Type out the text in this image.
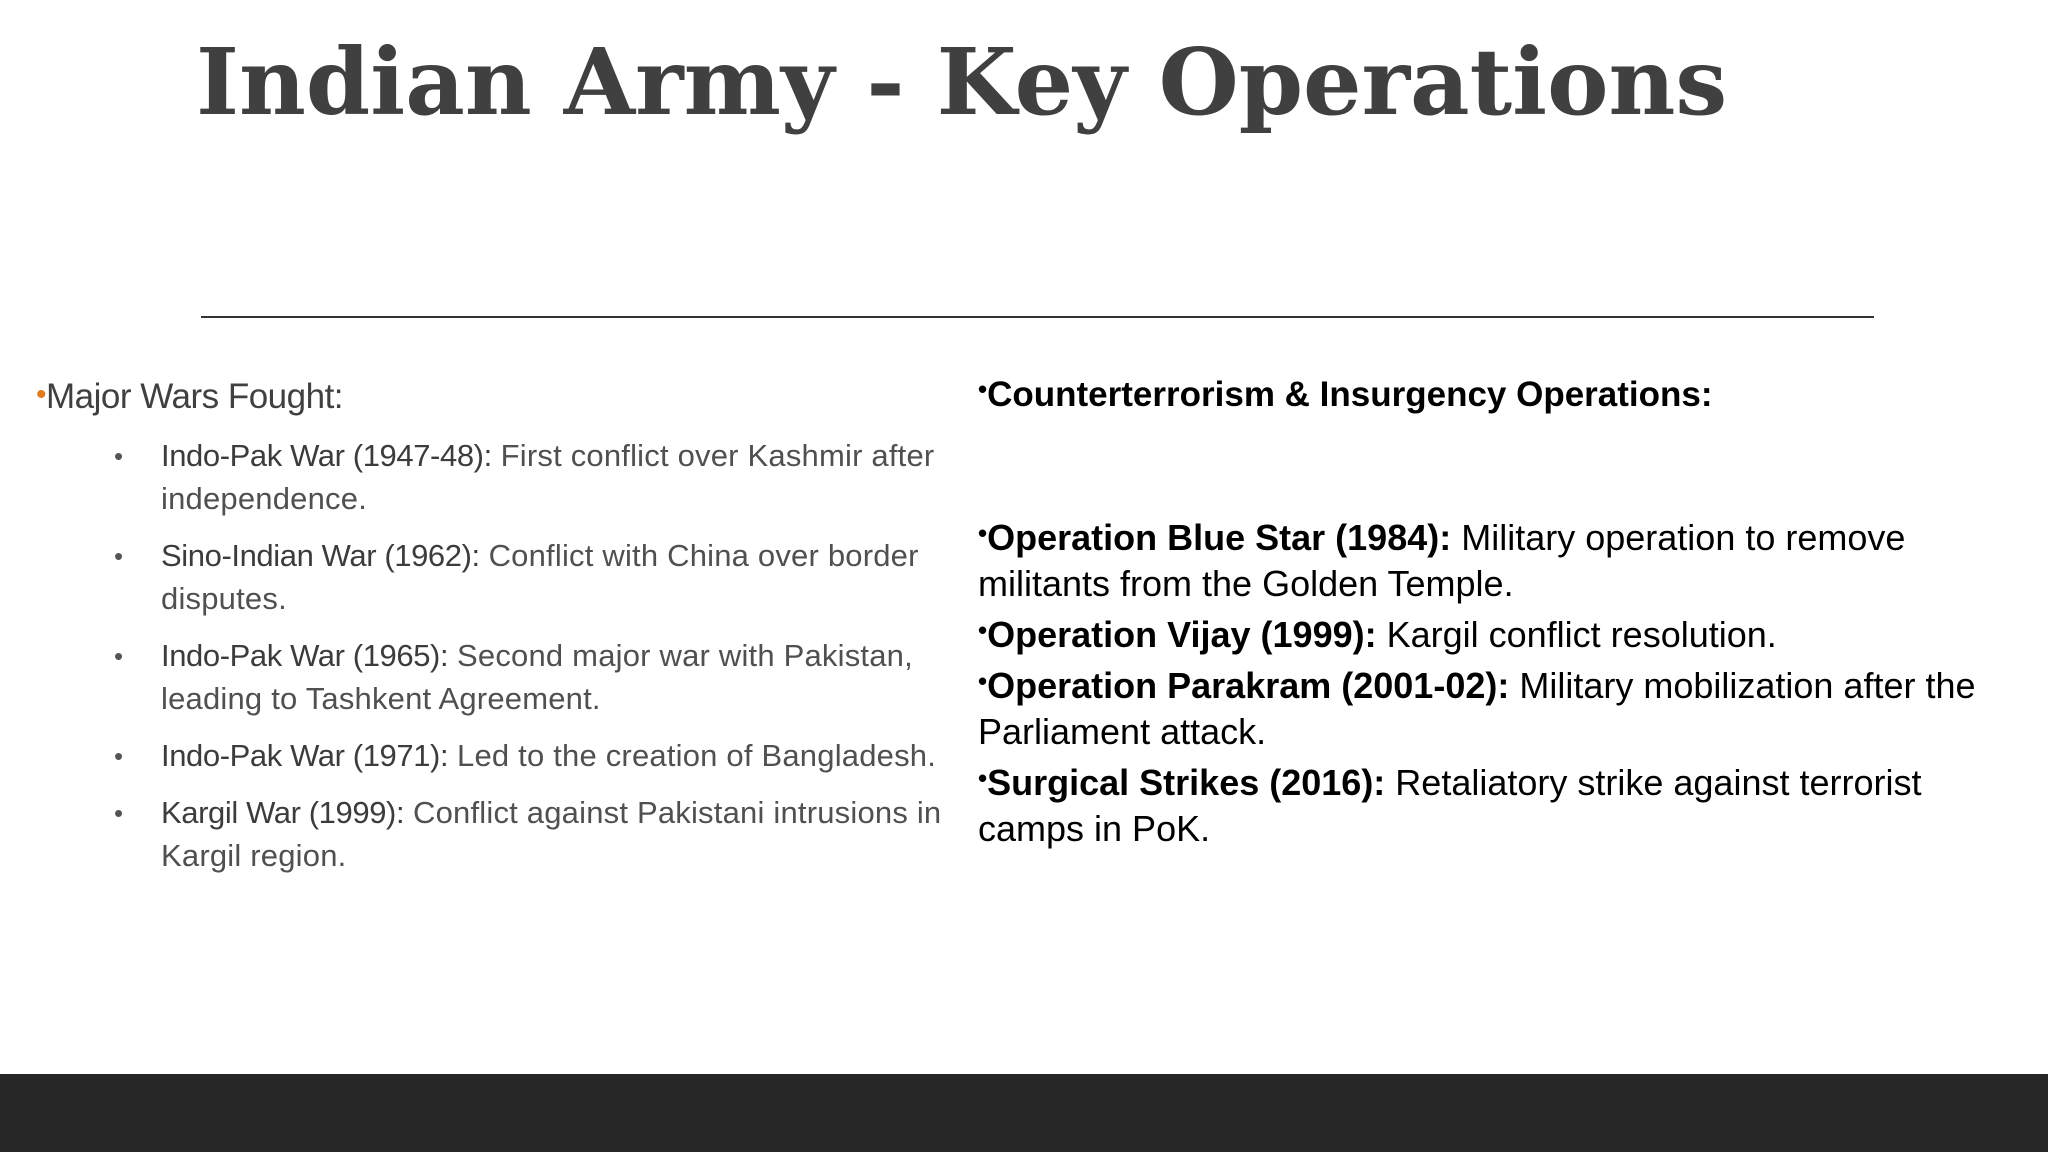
Indian Army - Key Operations
•Major Wars Fought:
• Indo-Pak War (1947-48): First conflict over Kashmir after independence.
• Sino-Indian War (1962): Conflict with China over border disputes.
• Indo-Pak War (1965): Second major war with Pakistan, leading to Tashkent Agreement.
• Indo-Pak War (1971): Led to the creation of Bangladesh.
• Kargil War (1999): Conflict against Pakistani intrusions in Kargil region.
•Counterterrorism & Insurgency Operations:
•Operation Blue Star (1984): Military operation to remove militants from the Golden Temple.
•Operation Vijay (1999): Kargil conflict resolution.
•Operation Parakram (2001-02): Military mobilization after the Parliament attack.
•Surgical Strikes (2016): Retaliatory strike against terrorist camps in PoK.
